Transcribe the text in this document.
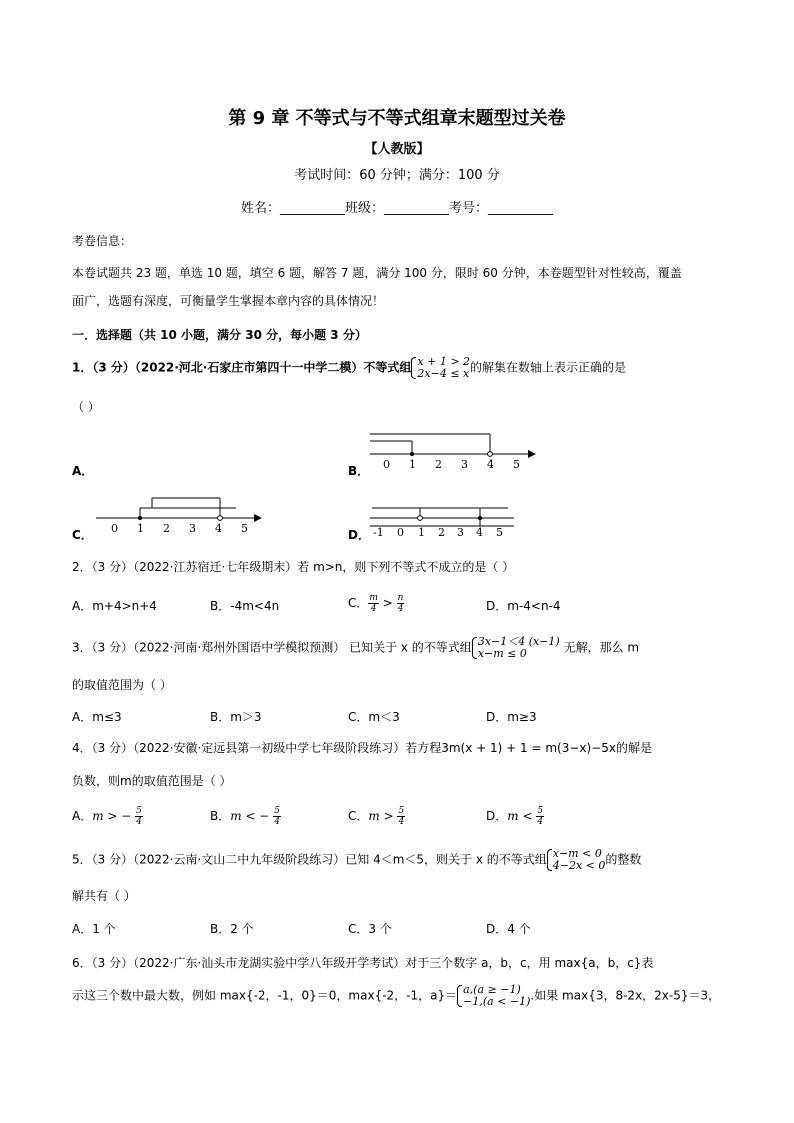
第 9 章 不等式与不等式组章末题型过关卷
【人教版】
考试时间：60 分钟；满分：100 分
姓名：__________班级：__________考号：__________
考卷信息：
本卷试题共 23 题，单选 10 题，填空 6 题，解答 7 题，满分 100 分，限时 60 分钟，本卷题型针对性较高，覆盖
面广，选题有深度，可衡量学生掌握本章内容的具体情况！
一．选择题（共 10 小题，满分 30 分，每小题 3 分）
1．（3 分）（2022·河北·石家庄市第四十一中学二模）不等式组 x + 1 > 2
2x−4 ≤ x 的解集在数轴上表示正确的是
（ ）
A．	B． 0 1 2 3 4 5
C．	D．
0 1 2 3 4 5	-1 0 1 2 3 4 5
2．（3 分）（2022·江苏宿迁·七年级期末）若 m>n，则下列不等式不成立的是（ ）
A．m+4>n+4	B．-4m<4n	C． $\frac{m}{4} > \frac{n}{4}$	D．m-4<n-4
3．（3 分）（2022·河南·郑州外国语中学模拟预测） 已知关于 x 的不等式组 3x−1＜4 (x−1)
x−m ≤ 0	无解，那么 m
的取值范围为（ ）
A．m≤3	B．m＞3	C．m＜3	D．m≥3
4．（3 分）（2022·安徽·定远县第一初级中学七年级阶段练习）若方程3m(x + 1) + 1 = m(3−x)−5x的解是
负数，则m的取值范围是（ ）
A．m > − $\frac{5}{4}$	B．m < − $\frac{5}{4}$	C．$m > \frac{5}{4}$	D．$m < \frac{5}{4}$
5．（3 分）（2022·云南·文山二中九年级阶段练习）已知 4＜m＜5，则关于 x 的不等式组 x−m < 0
4−2x < 0 的整数
解共有（ ）
A．1 个	B．2 个	C．3 个	D．4 个
6．（3 分）（2022·广东·汕头市龙湖实验中学八年级开学考试）对于三个数字 a，b，c，用 max{a，b，c}表
示这三个数中最大数，例如 max{-2，-1，0}＝0，max{-2，-1，a}＝ a,(a ≥ −1)
−1,(a < −1) .如果 max{3，8-2x，2x-5}＝3，
